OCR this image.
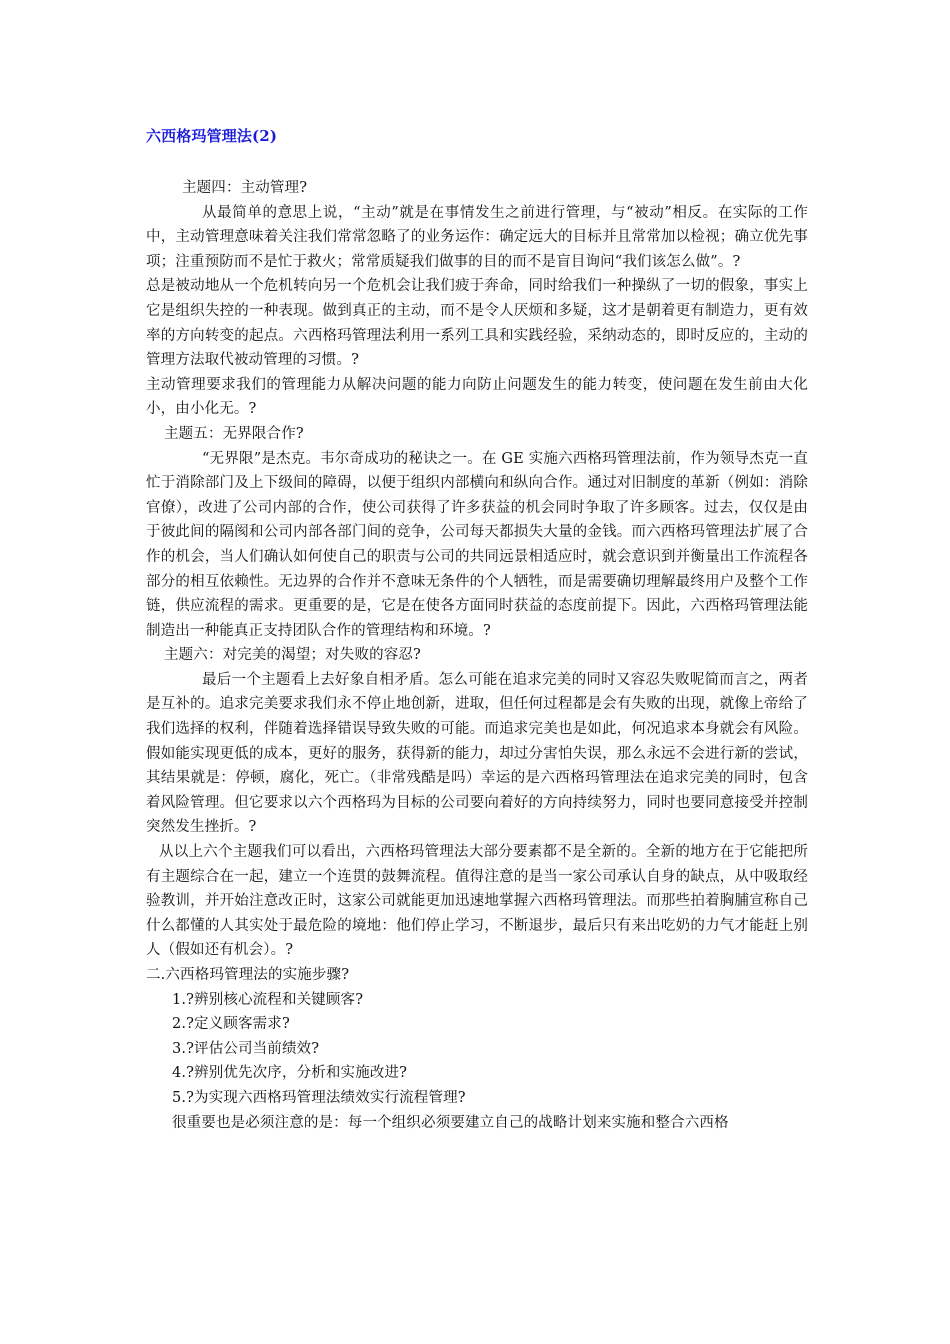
六西格玛管理法(2)

主题四：主动管理?

从最简单的意思上说，“主动”就是在事情发生之前进行管理，与“被动”相反。在实际的工作中，主动管理意味着关注我们常常忽略了的业务运作：确定远大的目标并且常常加以检视；确立优先事项；注重预防而不是忙于救火；常常质疑我们做事的目的而不是盲目询问“我们该怎么做”。?

总是被动地从一个危机转向另一个危机会让我们疲于奔命，同时给我们一种操纵了一切的假象，事实上它是组织失控的一种表现。做到真正的主动，而不是令人厌烦和多疑，这才是朝着更有制造力，更有效率的方向转变的起点。六西格玛管理法利用一系列工具和实践经验，采纳动态的，即时反应的，主动的管理方法取代被动管理的习惯。?

主动管理要求我们的管理能力从解决问题的能力向防止问题发生的能力转变，使问题在发生前由大化小，由小化无。?

主题五：无界限合作?

“无界限”是杰克。韦尔奇成功的秘诀之一。在 GE 实施六西格玛管理法前，作为领导杰克一直忙于消除部门及上下级间的障碍，以便于组织内部横向和纵向合作。通过对旧制度的革新（例如：消除官僚），改进了公司内部的合作，使公司获得了许多获益的机会同时争取了许多顾客。过去，仅仅是由于彼此间的隔阂和公司内部各部门间的竞争，公司每天都损失大量的金钱。而六西格玛管理法扩展了合作的机会，当人们确认如何使自己的职责与公司的共同远景相适应时，就会意识到并衡量出工作流程各部分的相互依赖性。无边界的合作并不意味无条件的个人牺牲，而是需要确切理解最终用户及整个工作链，供应流程的需求。更重要的是，它是在使各方面同时获益的态度前提下。因此，六西格玛管理法能制造出一种能真正支持团队合作的管理结构和环境。?

主题六：对完美的渴望；对失败的容忍?

最后一个主题看上去好象自相矛盾。怎么可能在追求完美的同时又容忍失败呢简而言之，两者是互补的。追求完美要求我们永不停止地创新，进取，但任何过程都是会有失败的出现，就像上帝给了我们选择的权利，伴随着选择错误导致失败的可能。而追求完美也是如此，何况追求本身就会有风险。假如能实现更低的成本，更好的服务，获得新的能力，却过分害怕失误，那么永远不会进行新的尝试，其结果就是：停顿，腐化，死亡。（非常残酷是吗）幸运的是六西格玛管理法在追求完美的同时，包含着风险管理。但它要求以六个西格玛为目标的公司要向着好的方向持续努力，同时也要同意接受并控制突然发生挫折。?

从以上六个主题我们可以看出，六西格玛管理法大部分要素都不是全新的。全新的地方在于它能把所有主题综合在一起，建立一个连贯的鼓舞流程。值得注意的是当一家公司承认自身的缺点，从中吸取经验教训，并开始注意改正时，这家公司就能更加迅速地掌握六西格玛管理法。而那些拍着胸脯宣称自己什么都懂的人其实处于最危险的境地：他们停止学习，不断退步，最后只有来出吃奶的力气才能赶上别人（假如还有机会）。?

二.六西格玛管理法的实施步骤?

1.?辨别核心流程和关键顾客?

2.?定义顾客需求?

3.?评估公司当前绩效?

4.?辨别优先次序，分析和实施改进?

5.?为实现六西格玛管理法绩效实行流程管理?

很重要也是必须注意的是：每一个组织必须要建立自己的战略计划来实施和整合六西格
